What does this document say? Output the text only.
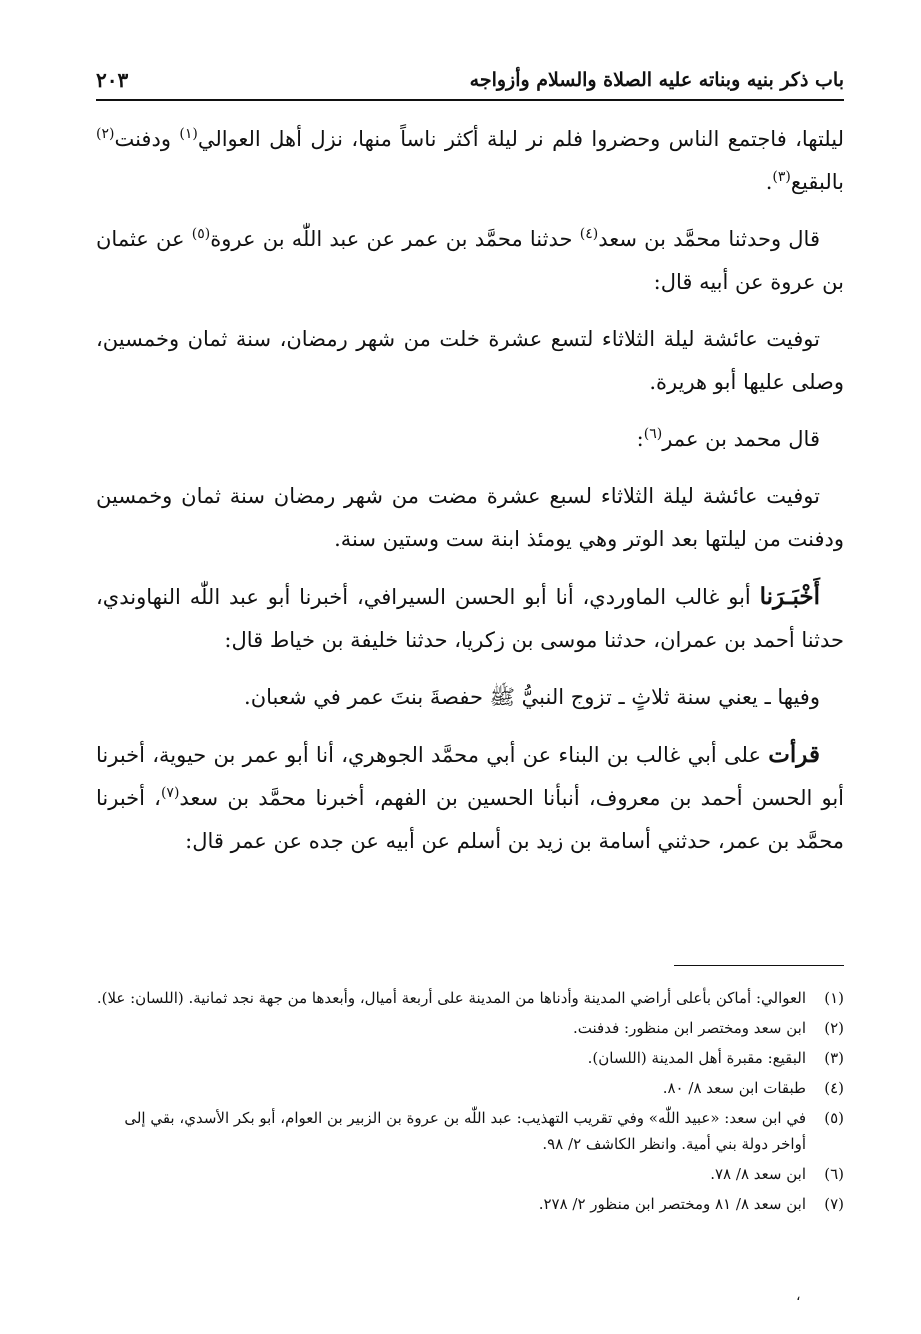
باب ذكر بنيه وبناته عليه الصلاة والسلام وأزواجه
٢٠٣

ليلتها، فاجتمع الناس وحضروا فلم نر ليلة أكثر ناساً منها، نزل أهل العوالي$^{(١)}$ ودفنت$^{(٢)}$ بالبقيع$^{(٣)}$.

قال وحدثنا محمَّد بن سعد$^{(٤)}$ حدثنا محمَّد بن عمر عن عبد اللّٰه بن عروة$^{(٥)}$ عن عثمان بن عروة عن أبيه قال:

توفيت عائشة ليلة الثلاثاء لتسع عشرة خلت من شهر رمضان، سنة ثمان وخمسين، وصلى عليها أبو هريرة.

قال محمد بن عمر$^{(٦)}$:

توفيت عائشة ليلة الثلاثاء لسبع عشرة مضت من شهر رمضان سنة ثمان وخمسين ودفنت من ليلتها بعد الوتر وهي يومئذ ابنة ست وستين سنة.

أَخْبَـرَنا أبو غالب الماوردي، أنا أبو الحسن السيرافي، أخبرنا أبو عبد اللّٰه النهاوندي، حدثنا أحمد بن عمران، حدثنا موسى بن زكريا، حدثنا خليفة بن خياط قال:

وفيها ـ يعني سنة ثلاثٍ ـ تزوج النبيُّ ﷺ حفصةَ بنتَ عمر في شعبان.

قرأت على أبي غالب بن البناء عن أبي محمَّد الجوهري، أنا أبو عمر بن حيوية، أخبرنا أبو الحسن أحمد بن معروف، أنبأنا الحسين بن الفهم، أخبرنا محمَّد بن سعد$^{(٧)}$، أخبرنا محمَّد بن عمر، حدثني أسامة بن زيد بن أسلم عن أبيه عن جده عن عمر قال:

(١)
العوالي: أماكن بأعلى أراضي المدينة وأدناها من المدينة على أربعة أميال، وأبعدها من جهة نجد ثمانية. (اللسان: علا).
(٢)
ابن سعد ومختصر ابن منظور: فدفنت.
(٣)
البقيع: مقبرة أهل المدينة (اللسان).
(٤)
طبقات ابن سعد ٨/ ٨٠.
(٥)
في ابن سعد: «عبيد اللّٰه» وفي تقريب التهذيب: عبد اللّٰه بن عروة بن الزبير بن العوام، أبو بكر الأسدي، بقي إلى أواخر دولة بني أمية. وانظر الكاشف ٢/ ٩٨.
(٦)
ابن سعد ٨/ ٧٨.
(٧)
ابن سعد ٨/ ٨١ ومختصر ابن منظور ٢/ ٢٧٨.
،
